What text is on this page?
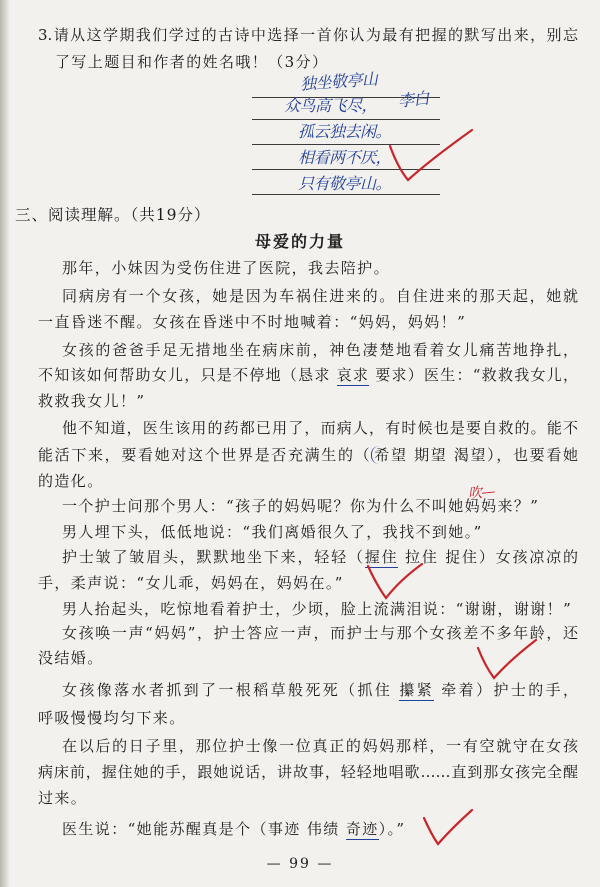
3.请从这学期我们学过的古诗中选择一首你认为最有把握的默写出来，别忘
了写上题目和作者的姓名哦！（3分）
独坐敬亭山
李白
众鸟高飞尽，
孤云独去闲。
相看两不厌，
只有敬亭山。
三、阅读理解。（共19分）
母爱的力量
那年，小妹因为受伤住进了医院，我去陪护。
同病房有一个女孩，她是因为车祸住进来的。自住进来的那天起，她就
一直昏迷不醒。女孩在昏迷中不时地喊着：“妈妈，妈妈！”
女孩的爸爸手足无措地坐在病床前，神色凄楚地看着女儿痛苦地挣扎，
不知该如何帮助女儿，只是不停地（恳求 哀求 要求）医生：“救救我女儿，
救救我女儿！”
他不知道，医生该用的药都已用了，而病人，有时候也是要自救的。能不
能活下来，要看她对这个世界是否充满生的（ 希望 期望 渴望），也要看她
的造化。
一个护士问那个男人：“孩子的妈妈呢？你为什么不叫她妈妈来？”
男人埋下头，低低地说：“我们离婚很久了，我找不到她。”
护士皱了皱眉头，默默地坐下来，轻轻（握住 拉住 捉住）女孩凉凉的
手，柔声说：“女儿乖，妈妈在，妈妈在。”
男人抬起头，吃惊地看着护士，少顷，脸上流满泪说：“谢谢，谢谢！”
女孩唤一声“妈妈”，护士答应一声，而护士与那个女孩差不多年龄，还
没结婚。
女孩像落水者抓到了一根稻草般死死（抓住 攥紧 牵着）护士的手，
呼吸慢慢均匀下来。
在以后的日子里，那位护士像一位真正的妈妈那样，一有空就守在女孩
病床前，握住她的手，跟她说话，讲故事，轻轻地唱歌……直到那女孩完全醒
过来。
医生说：“她能苏醒真是个（事迹 伟绩 奇迹）。”
吹—
— 99 —
